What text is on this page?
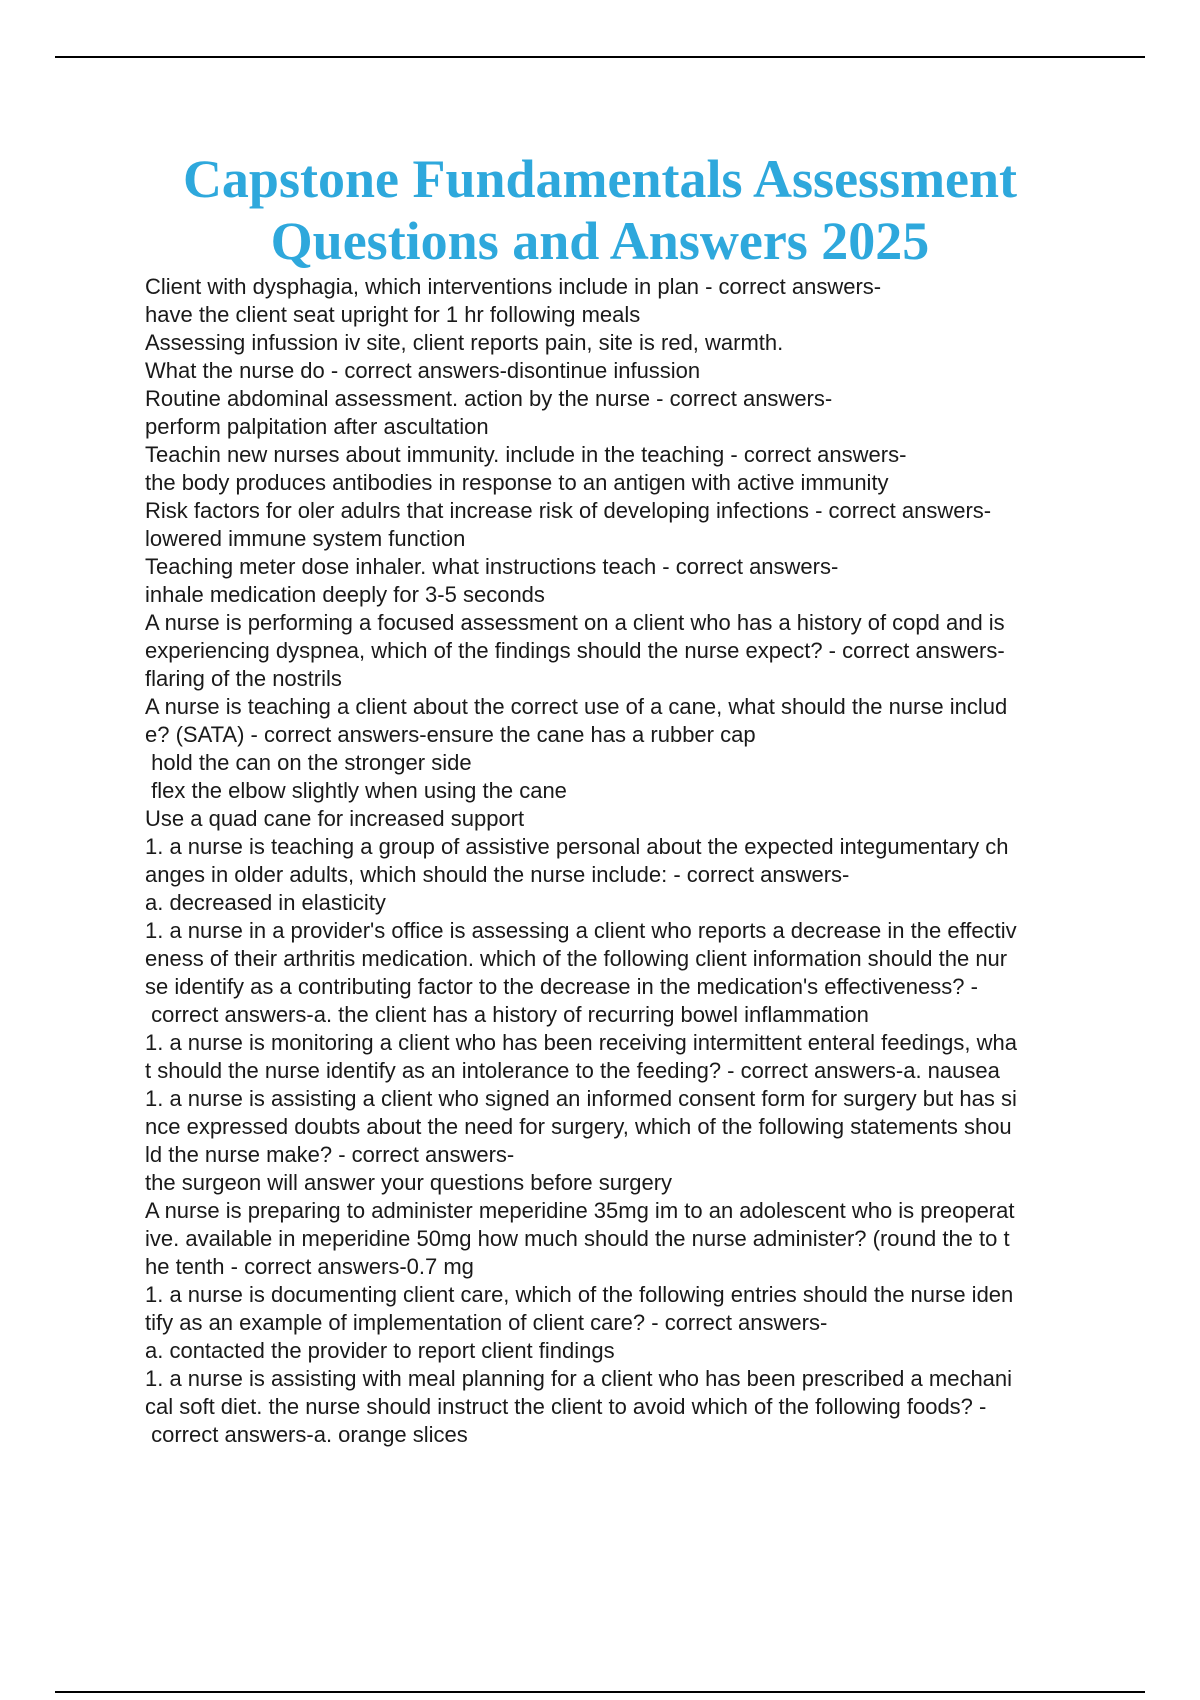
Capstone Fundamentals Assessment
Questions and Answers 2025
Client with dysphagia, which interventions include in plan - correct answers-
have the client seat upright for 1 hr following meals
Assessing infussion iv site, client reports pain, site is red, warmth.
What the nurse do - correct answers-disontinue infussion
Routine abdominal assessment. action by the nurse - correct answers-
perform palpitation after ascultation
Teachin new nurses about immunity. include in the teaching - correct answers-
the body produces antibodies in response to an antigen with active immunity
Risk factors for oler adulrs that increase risk of developing infections - correct answers-
lowered immune system function
Teaching meter dose inhaler. what instructions teach - correct answers-
inhale medication deeply for 3-5 seconds
A nurse is performing a focused assessment on a client who has a history of copd and is
experiencing dyspnea, which of the findings should the nurse expect? - correct answers-
flaring of the nostrils
A nurse is teaching a client about the correct use of a cane, what should the nurse includ
e? (SATA) - correct answers-ensure the cane has a rubber cap
hold the can on the stronger side
flex the elbow slightly when using the cane
Use a quad cane for increased support
1. a nurse is teaching a group of assistive personal about the expected integumentary ch
anges in older adults, which should the nurse include: - correct answers-
a. decreased in elasticity
1. a nurse in a provider's office is assessing a client who reports a decrease in the effectiv
eness of their arthritis medication. which of the following client information should the nur
se identify as a contributing factor to the decrease in the medication's effectiveness? -
correct answers-a. the client has a history of recurring bowel inflammation
1. a nurse is monitoring a client who has been receiving intermittent enteral feedings, wha
t should the nurse identify as an intolerance to the feeding? - correct answers-a. nausea
1. a nurse is assisting a client who signed an informed consent form for surgery but has si
nce expressed doubts about the need for surgery, which of the following statements shou
ld the nurse make? - correct answers-
the surgeon will answer your questions before surgery
A nurse is preparing to administer meperidine 35mg im to an adolescent who is preoperat
ive. available in meperidine 50mg how much should the nurse administer? (round the to t
he tenth - correct answers-0.7 mg
1. a nurse is documenting client care, which of the following entries should the nurse iden
tify as an example of implementation of client care? - correct answers-
a. contacted the provider to report client findings
1. a nurse is assisting with meal planning for a client who has been prescribed a mechani
cal soft diet. the nurse should instruct the client to avoid which of the following foods? -
correct answers-a. orange slices
